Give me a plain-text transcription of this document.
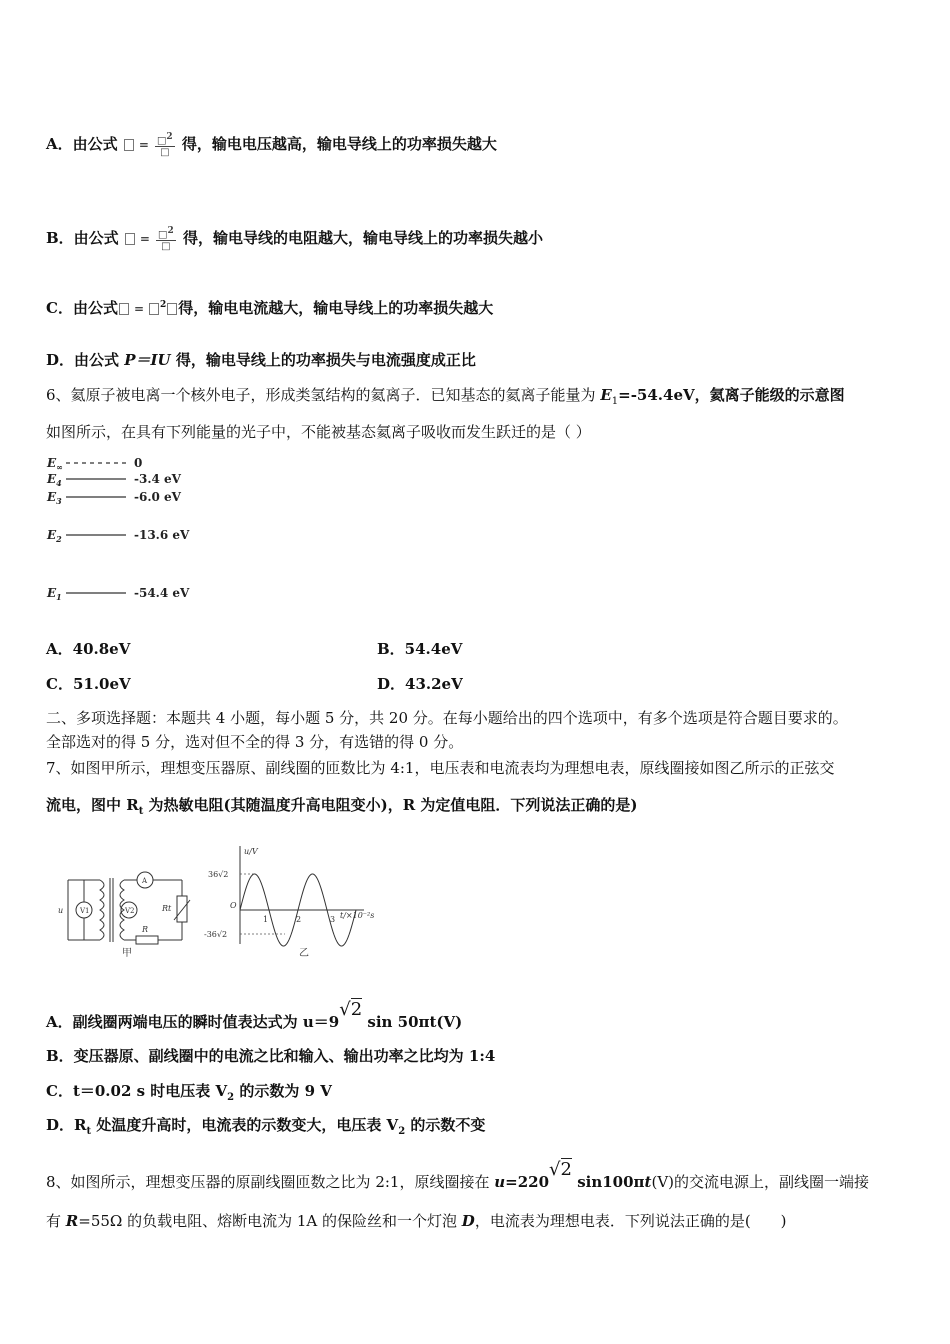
A．由公式 = $\frac{□^2}{□}$ 得，输电电压越高，输电导线上的功率损失越大
B．由公式 = $\frac{□^2}{□}$ 得，输电导线的电阻越大，输电导线上的功率损失越小
C．由公式 = $^2$ 得，输电电流越大，输电导线上的功率损失越大
D．由公式 P＝IU 得，输电导线上的功率损失与电流强度成正比
6、氦原子被电离一个核外电子，形成类氢结构的氦离子．已知基态的氦离子能量为 $E_1=-54.4eV$，氦离子能级的示意图
如图所示，在具有下列能量的光子中，不能被基态氦离子吸收而发生跃迁的是（ ）
$E_\infty$
$E_4$
$E_3$
$E_2$
$E_1$
0
-3.4 eV
-6.0 eV
-13.6 eV
-54.4 eV
A．40.8eV	B．54.4eV
C．51.0eV	D．43.2eV
二、多项选择题：本题共 4 小题，每小题 5 分，共 20 分。在每小题给出的四个选项中，有多个选项是符合题目要求的。
全部选对的得 5 分，选对但不全的得 3 分，有选错的得 0 分。
7、如图甲所示，理想变压器原、副线圈的匝数比为 4:1，电压表和电流表均为理想电表，原线圈接如图乙所示的正弦交
流电，图中 $R_t$ 为热敏电阻(其随温度升高电阻变小)，R 为定值电阻．下列说法正确的是)
V1	V2
A
u	Rt
R
甲
u/V
t/×10⁻²s
36√2
-36√2
O
1	2	3
乙
A．副线圈两端电压的瞬时值表达式为 u＝9√2 sin 50πt(V)
B．变压器原、副线圈中的电流之比和输入、输出功率之比均为 1:4
C．t＝0.02 s 时电压表 $V_2$ 的示数为 9 V
D．$R_t$ 处温度升高时，电流表的示数变大，电压表 $V_2$ 的示数不变
8、如图所示，理想变压器的原副线圈匝数之比为 2:1，原线圈接在 u=220√2 sin100πt(V)的交流电源上，副线圈一端接
有 R=55Ω 的负载电阻、熔断电流为 1A 的保险丝和一个灯泡 D，电流表为理想电表．下列说法正确的是(　　)
